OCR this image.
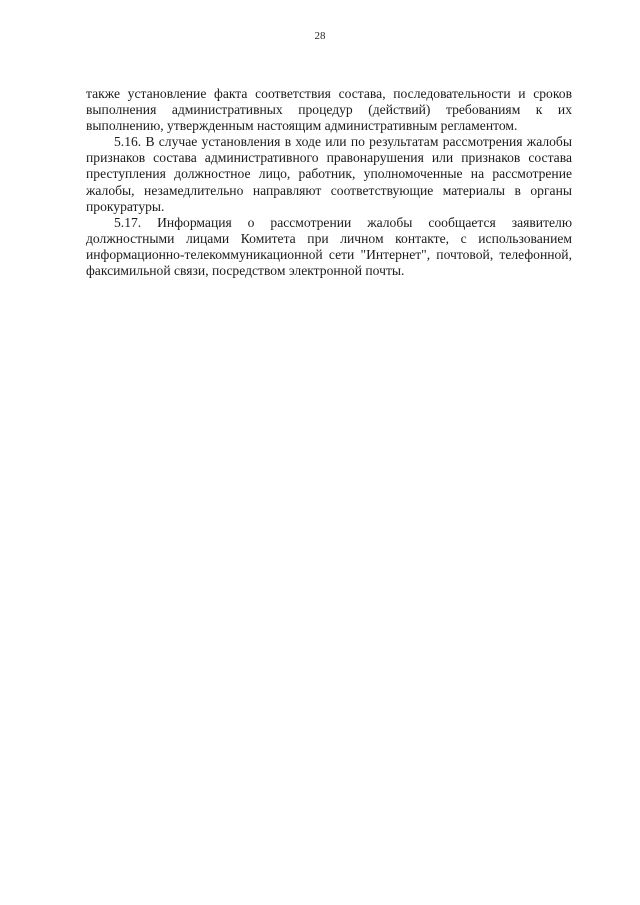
28

также установление факта соответствия состава, последовательности и сроков выполнения административных процедур (действий) требованиям к их выполнению, утвержденным настоящим административным регламентом.

5.16. В случае установления в ходе или по результатам рассмотрения жалобы признаков состава административного правонарушения или признаков состава преступления должностное лицо, работник, уполномоченные на рассмотрение жалобы, незамедлительно направляют соответствующие материалы в органы прокуратуры.

5.17. Информация о рассмотрении жалобы сообщается заявителю должностными лицами Комитета при личном контакте, с использованием информационно-телекоммуникационной сети "Интернет", почтовой, телефонной, факсимильной связи, посредством электронной почты.
